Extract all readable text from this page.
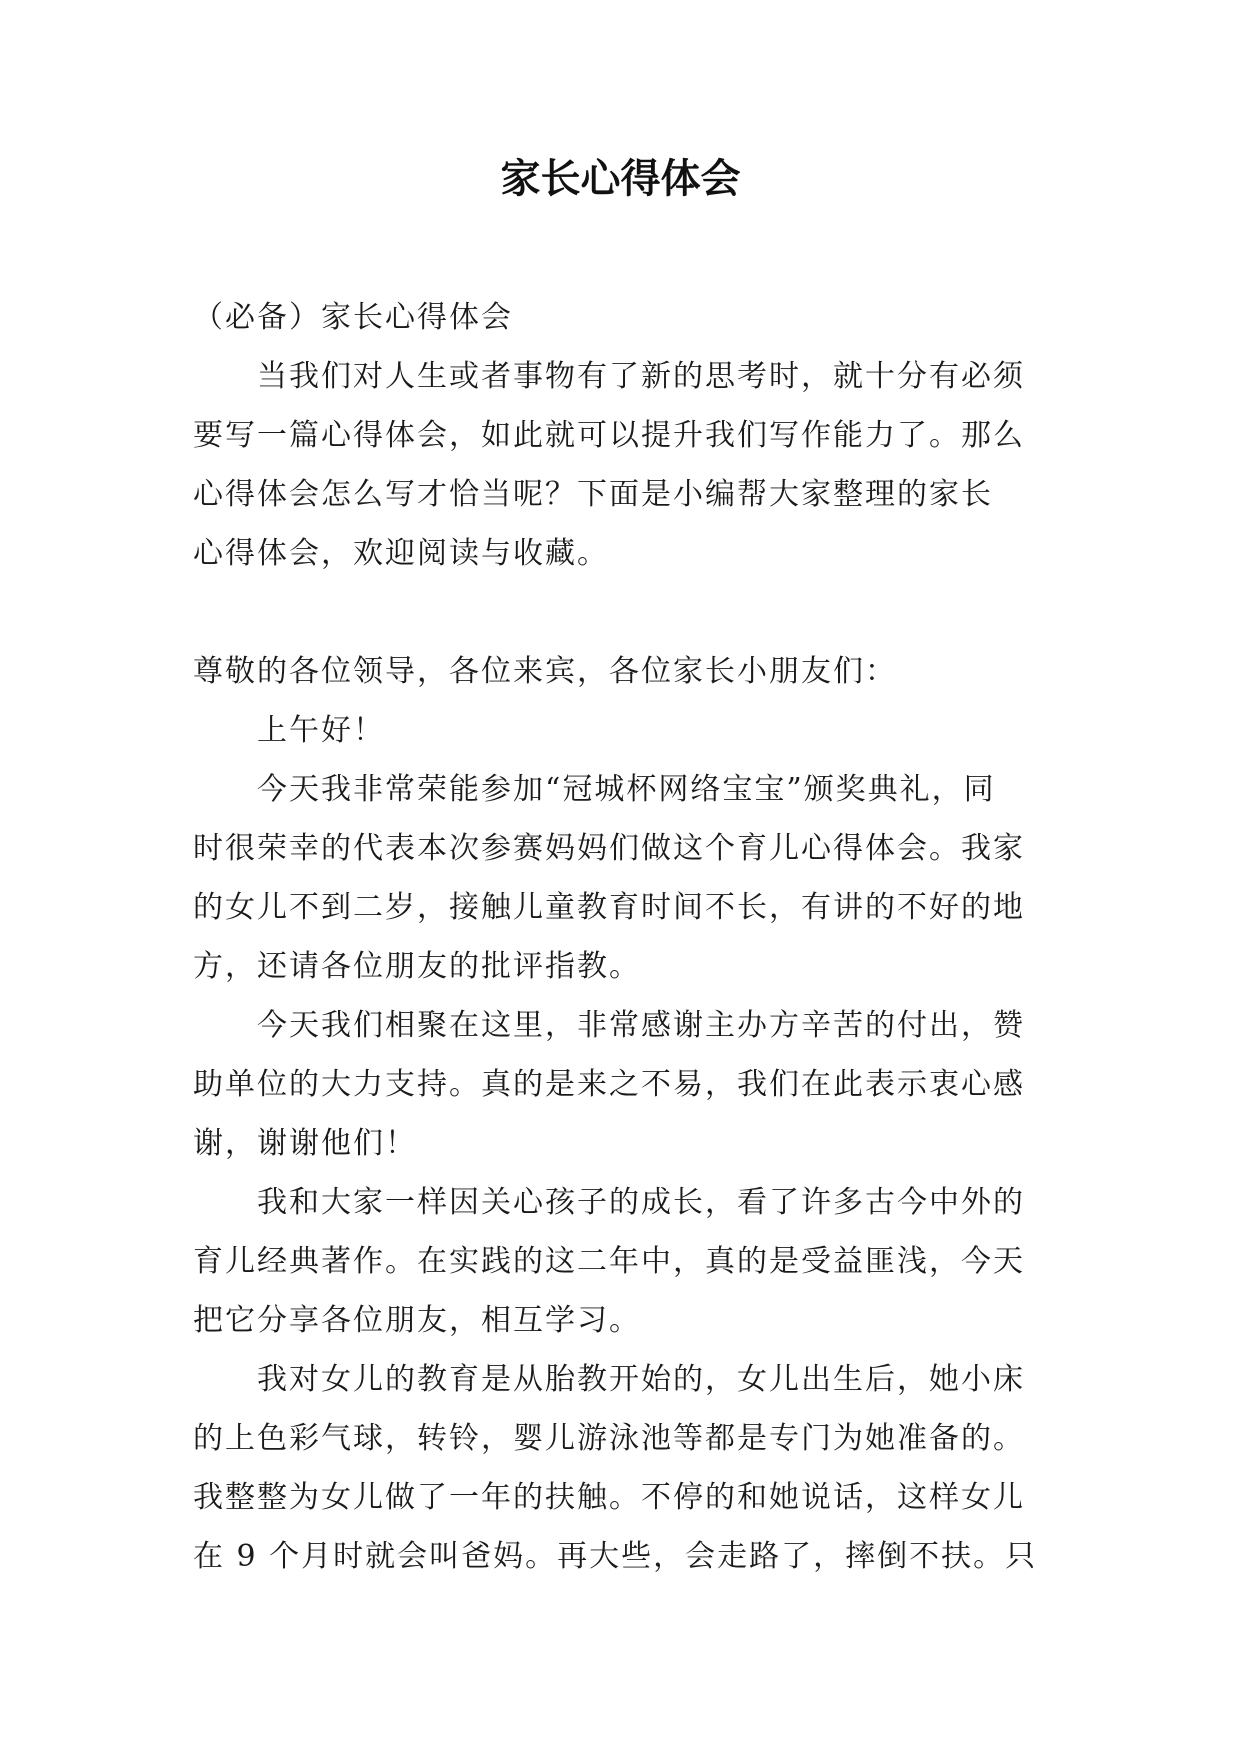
家长心得体会

（必备）家长心得体会

当我们对人生或者事物有了新的思考时，就十分有必须

要写一篇心得体会，如此就可以提升我们写作能力了。那么

心得体会怎么写才恰当呢？下面是小编帮大家整理的家长

心得体会，欢迎阅读与收藏。

尊敬的各位领导，各位来宾，各位家长小朋友们：

上午好！

今天我非常荣能参加“冠城杯网络宝宝”颁奖典礼，同

时很荣幸的代表本次参赛妈妈们做这个育儿心得体会。我家

的女儿不到二岁，接触儿童教育时间不长，有讲的不好的地

方，还请各位朋友的批评指教。

今天我们相聚在这里，非常感谢主办方辛苦的付出，赞

助单位的大力支持。真的是来之不易，我们在此表示衷心感

谢，谢谢他们！

我和大家一样因关心孩子的成长，看了许多古今中外的

育儿经典著作。在实践的这二年中，真的是受益匪浅，今天

把它分享各位朋友，相互学习。

我对女儿的教育是从胎教开始的，女儿出生后，她小床

的上色彩气球，转铃，婴儿游泳池等都是专门为她准备的。

我整整为女儿做了一年的扶触。不停的和她说话，这样女儿

在 9 个月时就会叫爸妈。再大些，会走路了，摔倒不扶。只
